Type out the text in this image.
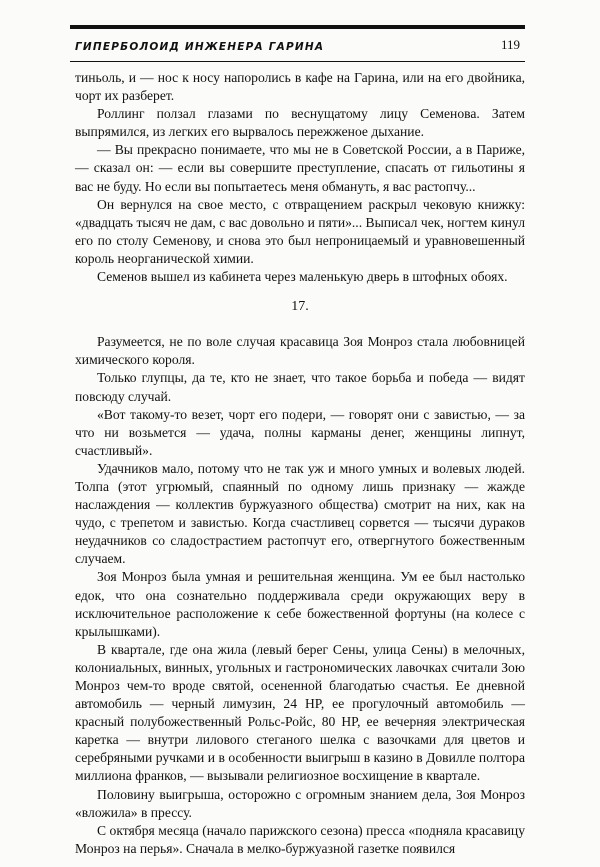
ГИПЕРБОЛОИД ИНЖЕНЕРА ГАРИНА	119

тиньоль, и — нос к носу напоролись в кафе на Гарина, или на его двойника, чорт их разберет.

Роллинг ползал глазами по веснущатому лицу Семенова. Затем выпрямился, из легких его вырвалось пережженое дыхание.

— Вы прекрасно понимаете, что мы не в Советской России, а в Париже, — сказал он: — если вы совершите преступление, спасать от гильотины я вас не буду. Но если вы попытаетесь меня обмануть, я вас растопчу...

Он вернулся на свое место, с отвращением раскрыл чековую книжку: «двадцать тысяч не дам, с вас довольно и пяти»... Выписал чек, ногтем кинул его по столу Семенову, и снова это был непроницаемый и уравновешенный король неорганической химии.

Семенов вышел из кабинета через маленькую дверь в штофных обоях.

17.

Разумеется, не по воле случая красавица Зоя Монроз стала любовницей химического короля.

Только глупцы, да те, кто не знает, что такое борьба и победа — видят повсюду случай.

«Вот такому-то везет, чорт его подери, — говорят они с завистью, — за что ни возьмется — удача, полны карманы денег, женщины липнут, счастливый».

Удачников мало, потому что не так уж и много умных и волевых людей. Толпа (этот угрюмый, спаянный по одному лишь признаку — жажде наслаждения — коллектив буржуазного общества) смотрит на них, как на чудо, с трепетом и завистью. Когда счастливец сорвется — тысячи дураков неудачников со сладострастием растопчут его, отвергнутого божественным случаем.

Зоя Монроз была умная и решительная женщина. Ум ее был настолько едок, что она сознательно поддерживала среди окружающих веру в исключительное расположение к себе божественной фортуны (на колесе с крылышками).

В квартале, где она жила (левый берег Сены, улица Сены) в мелочных, колониальных, винных, угольных и гастрономических лавочках считали Зою Монроз чем-то вроде святой, осененной благодатью счастья. Ее дневной автомобиль — черный лимузин, 24 HP, ее прогулочный автомобиль — красный полубожественный Рольс-Ройс, 80 HP, ее вечерняя электрическая каретка — внутри лилового стеганого шелка с вазочками для цветов и серебряными ручками и в особенности выигрыш в казино в Довилле полтора миллиона франков, — вызывали религиозное восхищение в квартале.

Половину выигрыша, осторожно с огромным знанием дела, Зоя Монроз «вложила» в прессу.

С октября месяца (начало парижского сезона) пресса «подняла красавицу Монроз на перья». Сначала в мелко-буржуазной газетке появился
